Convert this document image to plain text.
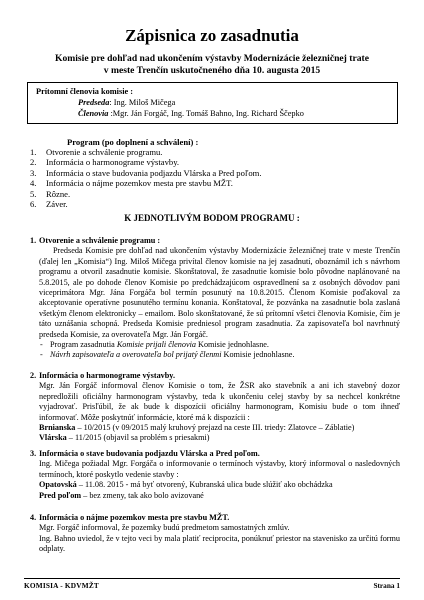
Zápisnica zo zasadnutia
Komisie pre dohľad nad ukončením výstavby Modernizácie železničnej trate
v meste Trenčín uskutočneného dňa 10. augusta 2015
Prítomní členovia komisie :
Predseda: Ing. Miloš Mičega
Členovia :Mgr. Ján Forgáč, Ing. Tomáš Bahno, Ing. Richard Ščepko
Program (po doplnení a schválení) :
1. Otvorenie a schválenie programu.
2. Informácia o harmonograme výstavby.
3. Informácia o stave budovania podjazdu Vlárska a Pred poľom.
4. Informácia o nájme pozemkov mesta pre stavbu MŽT.
5. Rôzne.
6. Záver.
K JEDNOTLIVÝM BODOM PROGRAMU :
1. Otvorenie a schválenie programu :
Predseda Komisie pre dohľad nad ukončením výstavby Modernizácie železničnej trate v meste Trenčín (ďalej len „Komisia“) Ing. Miloš Mičega privítal členov komisie na jej zasadnutí, oboznámil ich s návrhom programu a otvoril zasadnutie komisie. Skonštatoval, že zasadnutie komisie bolo pôvodne naplánované na 5.8.2015, ale po dohode členov Komisie po predchádzajúcom ospravedlnení sa z osobných dôvodov pani viceprimátora Mgr. Jána Forgáča bol termín posunutý na 10.8.2015. Členom Komisie poďakoval za akceptovanie operatívne posunutého termínu konania. Konštatoval, že pozvánka na zasadnutie bola zaslaná všetkým členom elektronicky – emailom. Bolo skonštatované, že sú prítomní všetci členovia Komisie, čím je táto uznášania schopná. Predseda Komisie predniesol program zasadnutia. Za zapisovateľa bol navrhnutý predseda Komisie, za overovateľa Mgr. Ján Forgáč.
- Program zasadnutia Komisie prijali členovia Komisie jednohlasne.
- Návrh zapisovateľa a overovateľa bol prijatý členmi Komisie jednohlasne.
2. Informácia o harmonograme výstavby.
Mgr. Ján Forgáč informoval členov Komisie o tom, že ŽSR ako stavebník a ani ich stavebný dozor nepredložili oficiálny harmonogram výstavby, teda k ukončeniu celej stavby by sa nechcel konkrétne vyjadrovať. Prisľúbil, že ak bude k dispozícii oficiálny harmonogram, Komisiu bude o tom ihneď informovať. Môže poskytnúť informácie, ktoré má k dispozícii :
Brnianska – 10/2015 (v 09/2015 malý kruhový prejazd na ceste III. triedy: Zlatovce – Záblatie)
Vlárska – 11/2015 (objavil sa problém s priesakmi)
3. Informácia o stave budovania podjazdu Vlárska a Pred poľom.
Ing. Mičega požiadal Mgr. Forgáča o informovanie o termínoch výstavby, ktorý informoval o nasledovných termínoch, ktoré poskytlo vedenie stavby :
Opatovská – 11.08. 2015 - má byť otvorený, Kubranská ulica bude slúžiť ako obchádzka
Pred poľom – bez zmeny, tak ako bolo avizované
4. Informácia o nájme pozemkov mesta pre stavbu MŽT.
Mgr. Forgáč informoval, že pozemky budú predmetom samostatných zmlúv.
Ing. Bahno uviedol, že v tejto veci by mala platiť reciprocita, ponúknuť priestor na stavenisko za určitú formu odplaty.
KOMISIA - KDVMŽT	Strana 1
